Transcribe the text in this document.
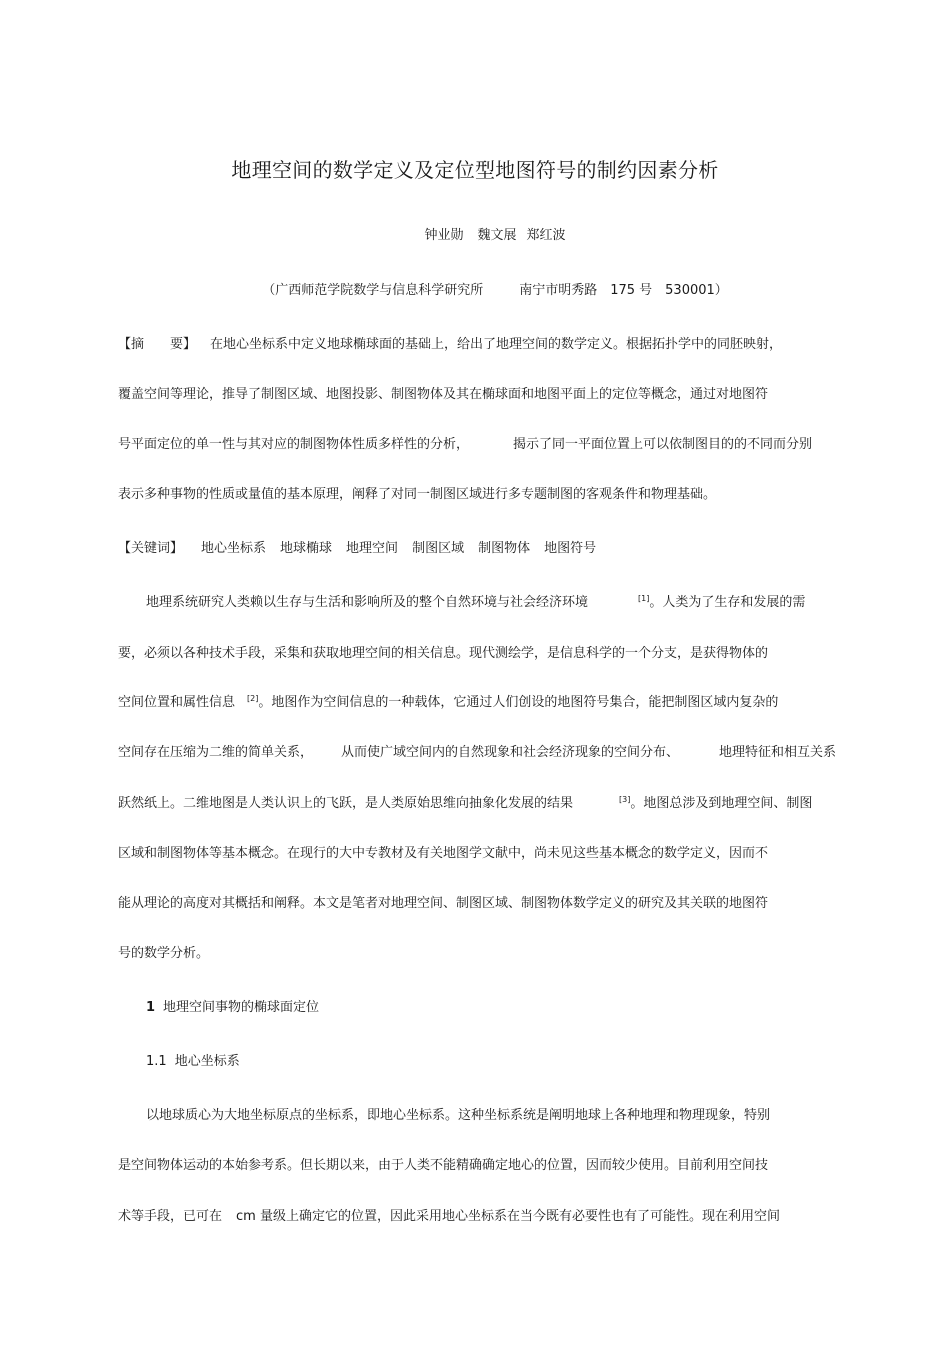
地理空间的数学定义及定位型地图符号的制约因素分析
钟业勋 魏文展 郑红波
（广西师范学院数学与信息科学研究所	南宁市明秀路　175 号　530001）
【摘　　要】 在地心坐标系中定义地球椭球面的基础上，给出了地理空间的数学定义。根据拓扑学中的同胚映射，
覆盖空间等理论，推导了制图区域、地图投影、制图物体及其在椭球面和地图平面上的定位等概念，通过对地图符
号平面定位的单一性与其对应的制图物体性质多样性的分析，	揭示了同一平面位置上可以依制图目的的不同而分别
表示多种事物的性质或量值的基本原理，阐释了对同一制图区域进行多专题制图的客观条件和物理基础。
【关键词】 地心坐标系 地球椭球 地理空间 制图区域 制图物体 地图符号
地理系统研究人类赖以生存与生活和影响所及的整个自然环境与社会经济环境	[1]。人类为了生存和发展的需
要，必须以各种技术手段，采集和获取地理空间的相关信息。现代测绘学，是信息科学的一个分支，是获得物体的
空间位置和属性信息 [2]。地图作为空间信息的一种载体，它通过人们创设的地图符号集合，能把制图区域内复杂的
空间存在压缩为二维的简单关系， 从而使广域空间内的自然现象和社会经济现象的空间分布、	地理特征和相互关系
跃然纸上。二维地图是人类认识上的飞跃，是人类原始思维向抽象化发展的结果	[3]。地图总涉及到地理空间、制图
区域和制图物体等基本概念。在现行的大中专教材及有关地图学文献中，尚未见这些基本概念的数学定义，因而不
能从理论的高度对其概括和阐释。本文是笔者对地理空间、制图区域、制图物体数学定义的研究及其关联的地图符
号的数学分析。
1 地理空间事物的椭球面定位
1.1 地心坐标系
以地球质心为大地坐标原点的坐标系，即地心坐标系。这种坐标系统是阐明地球上各种地理和物理现象，特别
是空间物体运动的本始参考系。但长期以来，由于人类不能精确确定地心的位置，因而较少使用。目前利用空间技
术等手段，已可在 cm 量级上确定它的位置，因此采用地心坐标系在当今既有必要性也有了可能性。现在利用空间
